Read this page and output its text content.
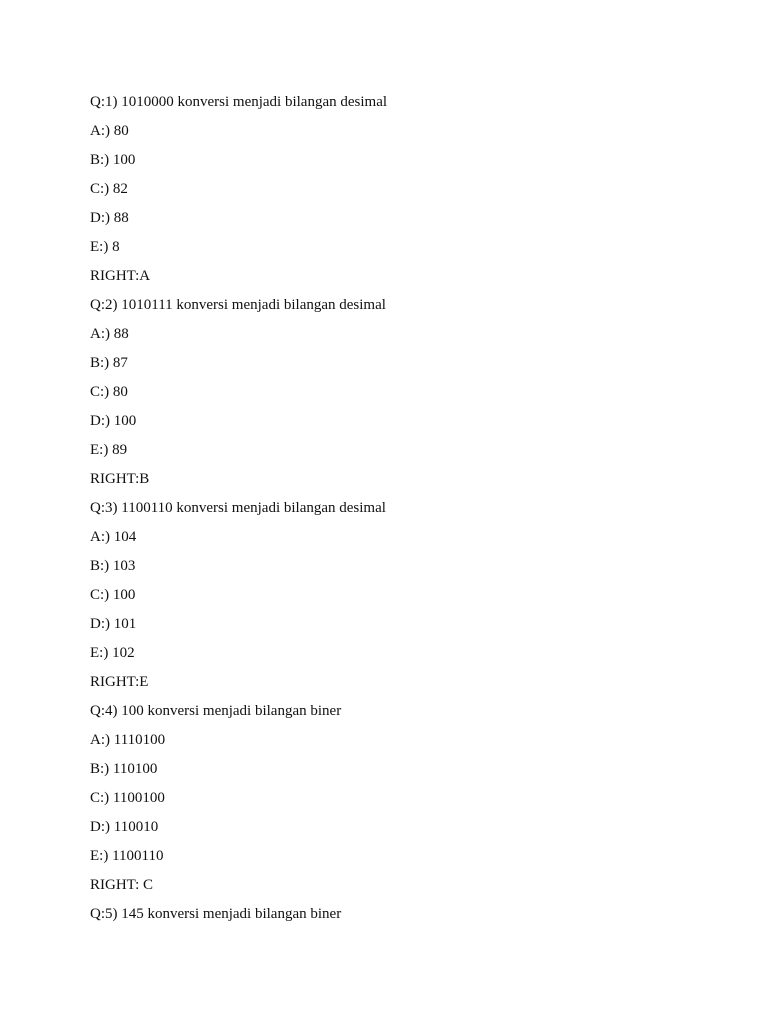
Q:1) 1010000 konversi menjadi bilangan desimal
A:) 80
B:) 100
C:) 82
D:) 88
E:) 8
RIGHT:A
Q:2) 1010111 konversi menjadi bilangan desimal
A:) 88
B:) 87
C:) 80
D:) 100
E:) 89
RIGHT:B
Q:3) 1100110 konversi menjadi bilangan desimal
A:) 104
B:) 103
C:) 100
D:) 101
E:) 102
RIGHT:E
Q:4) 100 konversi menjadi bilangan biner
A:) 1110100
B:) 110100
C:) 1100100
D:) 110010
E:) 1100110
RIGHT: C
Q:5) 145 konversi menjadi bilangan biner
